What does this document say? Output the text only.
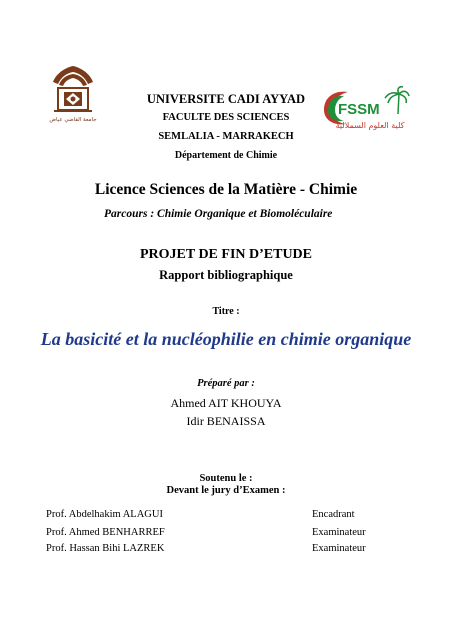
جامعة القاضي عياض
FSSM
كلية العلوم السملالية
UNIVERSITE CADI AYYAD
FACULTE DES SCIENCES
SEMLALIA - MARRAKECH
Département de Chimie
Licence Sciences de la Matière - Chimie
Parcours : Chimie Organique et Biomoléculaire
PROJET DE FIN D’ETUDE
Rapport bibliographique
Titre :
La basicité et la nucléophilie en chimie organique
Préparé par :
Ahmed AIT KHOUYA
Idir BENAISSA
Soutenu le :
Devant le jury d’Examen :
Prof. Abdelhakim ALAGUI	Encadrant
Prof. Ahmed BENHARREF	Examinateur
Prof. Hassan Bihi LAZREK	Examinateur
